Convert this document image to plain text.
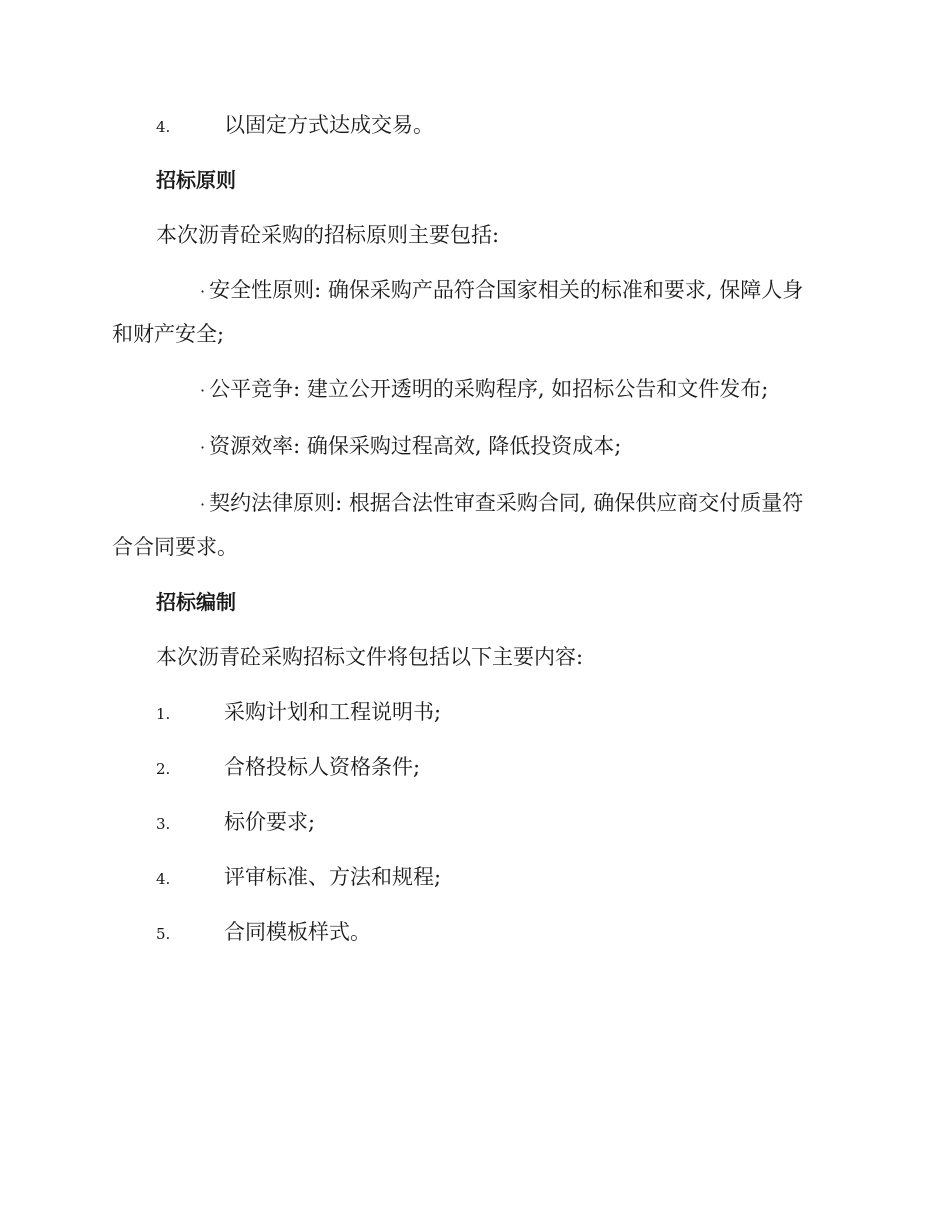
4.	以固定方式达成交易。
招标原则
本次沥青砼采购的招标原则主要包括:
· 安全性原则: 确保采购产品符合国家相关的标准和要求, 保障人身和财产安全;
· 公平竞争: 建立公开透明的采购程序, 如招标公告和文件发布;
· 资源效率: 确保采购过程高效, 降低投资成本;
· 契约法律原则: 根据合法性审查采购合同, 确保供应商交付质量符合合同要求。
招标编制
本次沥青砼采购招标文件将包括以下主要内容:
1.	采购计划和工程说明书;
2.	合格投标人资格条件;
3.	标价要求;
4.	评审标准、方法和规程;
5.	合同模板样式。
